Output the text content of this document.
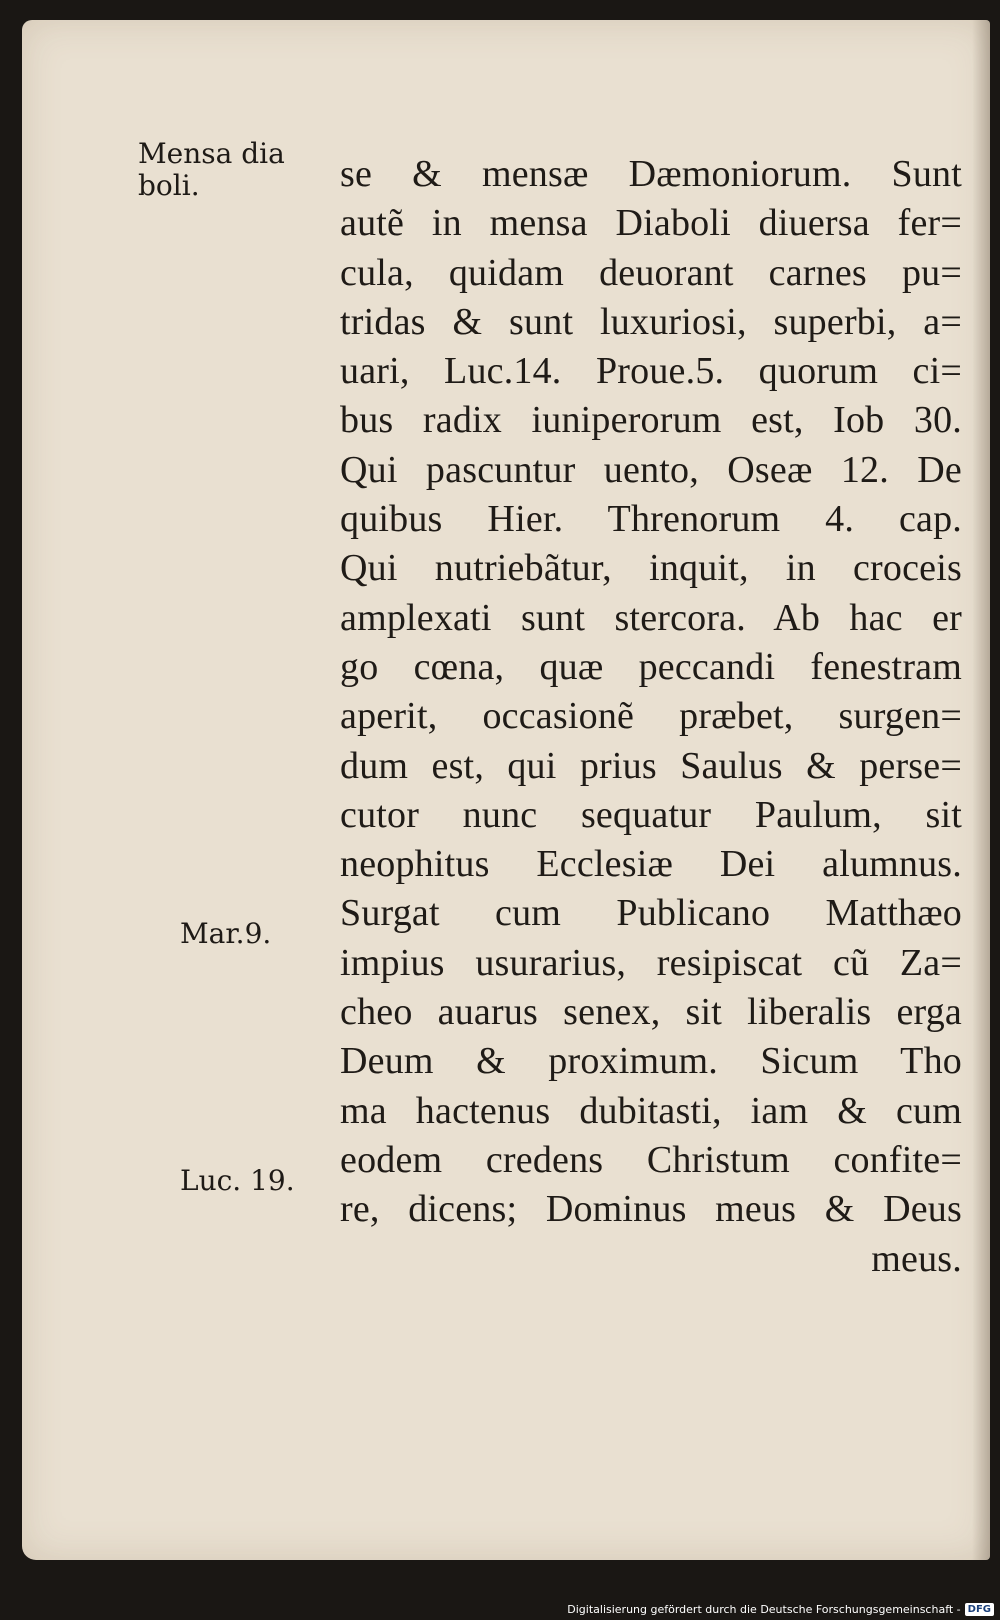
Mensa dia
boli.
Mar.9.
Luc. 19.
se & mensæ Dæmoniorum. Sunt
autẽ in mensa Diaboli diuersa fer=
cula, quidam deuorant carnes pu=
tridas & sunt luxuriosi, superbi, a=
uari, Luc.14. Proue.5. quorum ci=
bus radix iuniperorum est, Iob 30.
Qui pascuntur uento, Oseæ 12. De
quibus Hier. Threnorum 4. cap.
Qui nutriebãtur, inquit, in croceis
amplexati sunt stercora. Ab hac er
go cœna, quæ peccandi fenestram
aperit, occasionẽ præbet, surgen=
dum est, qui prius Saulus & perse=
cutor nunc sequatur Paulum, sit
neophitus Ecclesiæ Dei alumnus.
Surgat cum Publicano Matthæo
impius usurarius, resipiscat cũ Za=
cheo auarus senex, sit liberalis erga
Deum & proximum. Sicum Tho
ma hactenus dubitasti, iam & cum
eodem credens Christum confite=
re, dicens; Dominus meus & Deus
meus.
Digitalisierung gefördert durch die Deutsche Forschungsgemeinschaft - DFG
